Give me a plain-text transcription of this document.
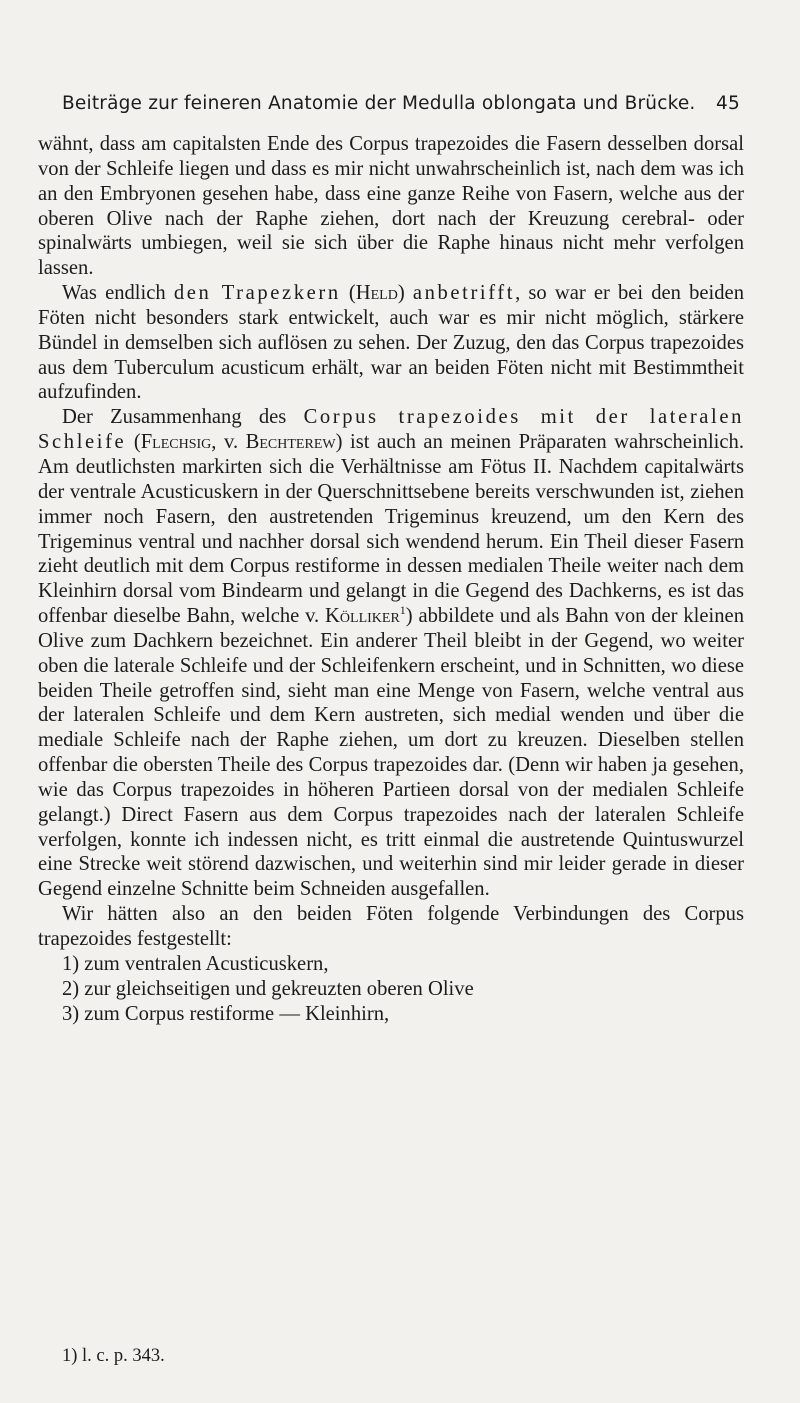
Beiträge zur feineren Anatomie der Medulla oblongata und Brücke. 45

wähnt, dass am capitalsten Ende des Corpus trapezoides die Fasern desselben dorsal von der Schleife liegen und dass es mir nicht unwahrscheinlich ist, nach dem was ich an den Embryonen gesehen habe, dass eine ganze Reihe von Fasern, welche aus der oberen Olive nach der Raphe ziehen, dort nach der Kreuzung cerebral- oder spinalwärts umbiegen, weil sie sich über die Raphe hinaus nicht mehr verfolgen lassen.

Was endlich den Trapezkern (Held) anbetrifft, so war er bei den beiden Föten nicht besonders stark entwickelt, auch war es mir nicht möglich, stärkere Bündel in demselben sich auflösen zu sehen. Der Zuzug, den das Corpus trapezoides aus dem Tuberculum acusticum erhält, war an beiden Föten nicht mit Bestimmtheit aufzufinden.

Der Zusammenhang des Corpus trapezoides mit der lateralen Schleife (Flechsig, v. Bechterew) ist auch an meinen Präparaten wahrscheinlich. Am deutlichsten markirten sich die Verhältnisse am Fötus II. Nachdem capitalwärts der ventrale Acusticuskern in der Querschnittsebene bereits verschwunden ist, ziehen immer noch Fasern, den austretenden Trigeminus kreuzend, um den Kern des Trigeminus ventral und nachher dorsal sich wendend herum. Ein Theil dieser Fasern zieht deutlich mit dem Corpus restiforme in dessen medialen Theile weiter nach dem Kleinhirn dorsal vom Bindearm und gelangt in die Gegend des Dachkerns, es ist das offenbar dieselbe Bahn, welche v. Kölliker$^1$) abbildete und als Bahn von der kleinen Olive zum Dachkern bezeichnet. Ein anderer Theil bleibt in der Gegend, wo weiter oben die laterale Schleife und der Schleifenkern erscheint, und in Schnitten, wo diese beiden Theile getroffen sind, sieht man eine Menge von Fasern, welche ventral aus der lateralen Schleife und dem Kern austreten, sich medial wenden und über die mediale Schleife nach der Raphe ziehen, um dort zu kreuzen. Dieselben stellen offenbar die obersten Theile des Corpus trapezoides dar. (Denn wir haben ja gesehen, wie das Corpus trapezoides in höheren Partieen dorsal von der medialen Schleife gelangt.) Direct Fasern aus dem Corpus trapezoides nach der lateralen Schleife verfolgen, konnte ich indessen nicht, es tritt einmal die austretende Quintuswurzel eine Strecke weit störend dazwischen, und weiterhin sind mir leider gerade in dieser Gegend einzelne Schnitte beim Schneiden ausgefallen.

Wir hätten also an den beiden Föten folgende Verbindungen des Corpus trapezoides festgestellt:

1) zum ventralen Acusticuskern,
2) zur gleichseitigen und gekreuzten oberen Olive
3) zum Corpus restiforme — Kleinhirn,
1) l. c. p. 343.
